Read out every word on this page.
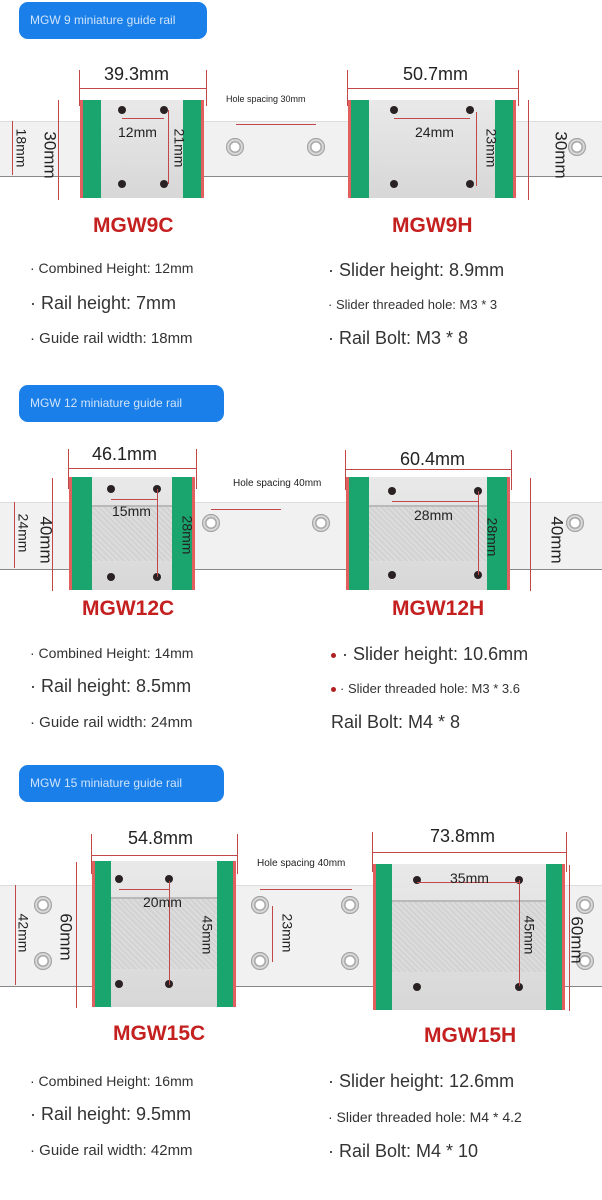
MGW 9 miniature guide rail
18mm 30mm
39.3mm
12mm 21mm
MGW9C
Hole spacing 30mm
50.7mm
24mm 23mm	30mm
MGW9H
· Combined Height: 12mm
· Rail height: 7mm
· Guide rail width: 18mm
· Slider height: 8.9mm
· Slider threaded hole: M3 * 3
· Rail Bolt: M3 * 8
MGW 12 miniature guide rail
24mm 40mm
46.1mm
15mm
28mm
MGW12C
Hole spacing 40mm
60.4mm
28mm
28mm	40mm
MGW12H
· Combined Height: 14mm
· Rail height: 8.5mm
· Guide rail width: 24mm
· Slider height: 10.6mm
· Slider threaded hole: M3 * 3.6
Rail Bolt: M4 * 8
MGW 15 miniature guide rail
42mm 60mm
54.8mm
20mm
45mm
MGW15C
23mm
Hole spacing 40mm
73.8mm
35mm
45mm 60mm
MGW15H
· Combined Height: 16mm
· Rail height: 9.5mm
· Guide rail width: 42mm
· Slider height: 12.6mm
· Slider threaded hole: M4 * 4.2
· Rail Bolt: M4 * 10
